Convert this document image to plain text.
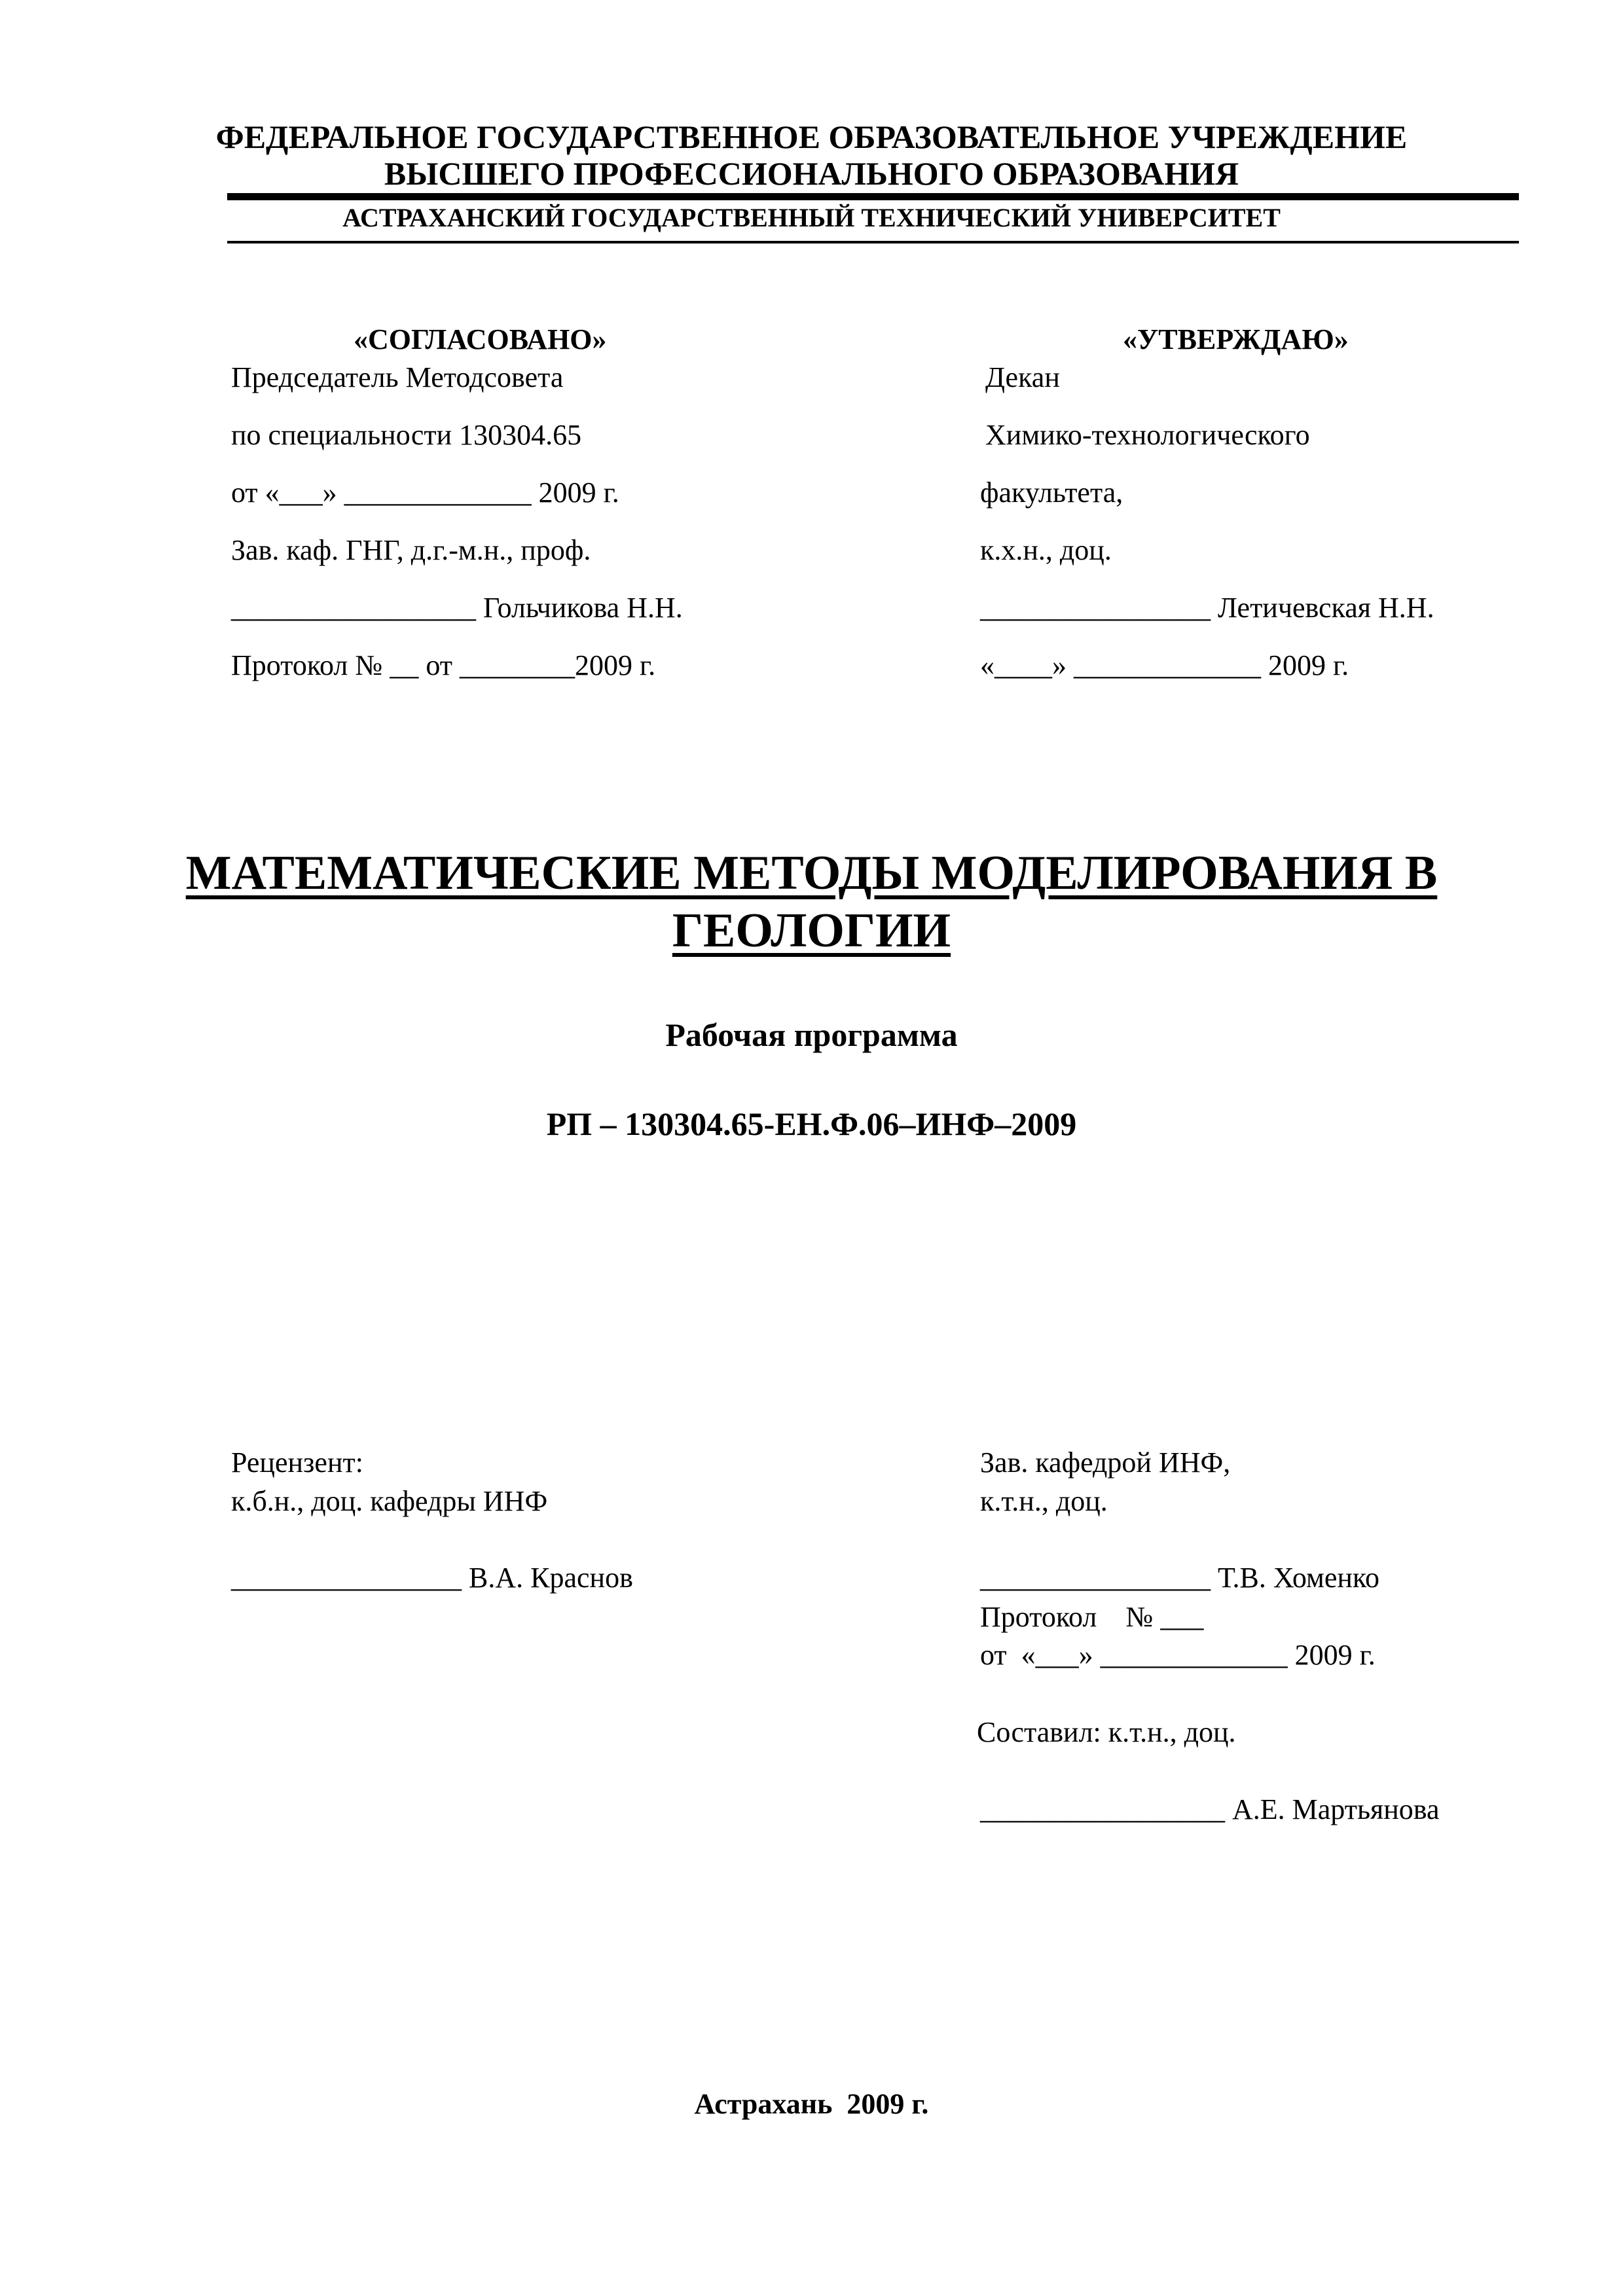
ФЕДЕРАЛЬНОЕ ГОСУДАРСТВЕННОЕ ОБРАЗОВАТЕЛЬНОЕ УЧРЕЖДЕНИЕ
ВЫСШЕГО ПРОФЕССИОНАЛЬНОГО ОБРАЗОВАНИЯ
АСТРАХАНСКИЙ ГОСУДАРСТВЕННЫЙ ТЕХНИЧЕСКИЙ УНИВЕРСИТЕТ
«СОГЛАСОВАНО»
Председатель Методсовета
по специальности 130304.65
от «___» _____________ 2009 г.
Зав. каф. ГНГ, д.г.-м.н., проф.
_________________ Гольчикова Н.Н.
Протокол № __ от ________2009 г.
«УТВЕРЖДАЮ»
Декан
Химико-технологического
факультета,
к.х.н., доц.
________________ Летичевская Н.Н.
«____» _____________ 2009 г.
МАТЕМАТИЧЕСКИЕ МЕТОДЫ МОДЕЛИРОВАНИЯ В
ГЕОЛОГИИ
Рабочая программа
РП – 130304.65-ЕН.Ф.06–ИНФ–2009
Рецензент:
к.б.н., доц. кафедры ИНФ
________________ В.А. Краснов
Зав. кафедрой ИНФ,
к.т.н., доц.
________________ Т.В. Хоменко
Протокол    № ___
от  «___» _____________ 2009 г.
Составил: к.т.н., доц.
_________________ А.Е. Мартьянова
Астрахань  2009 г.
